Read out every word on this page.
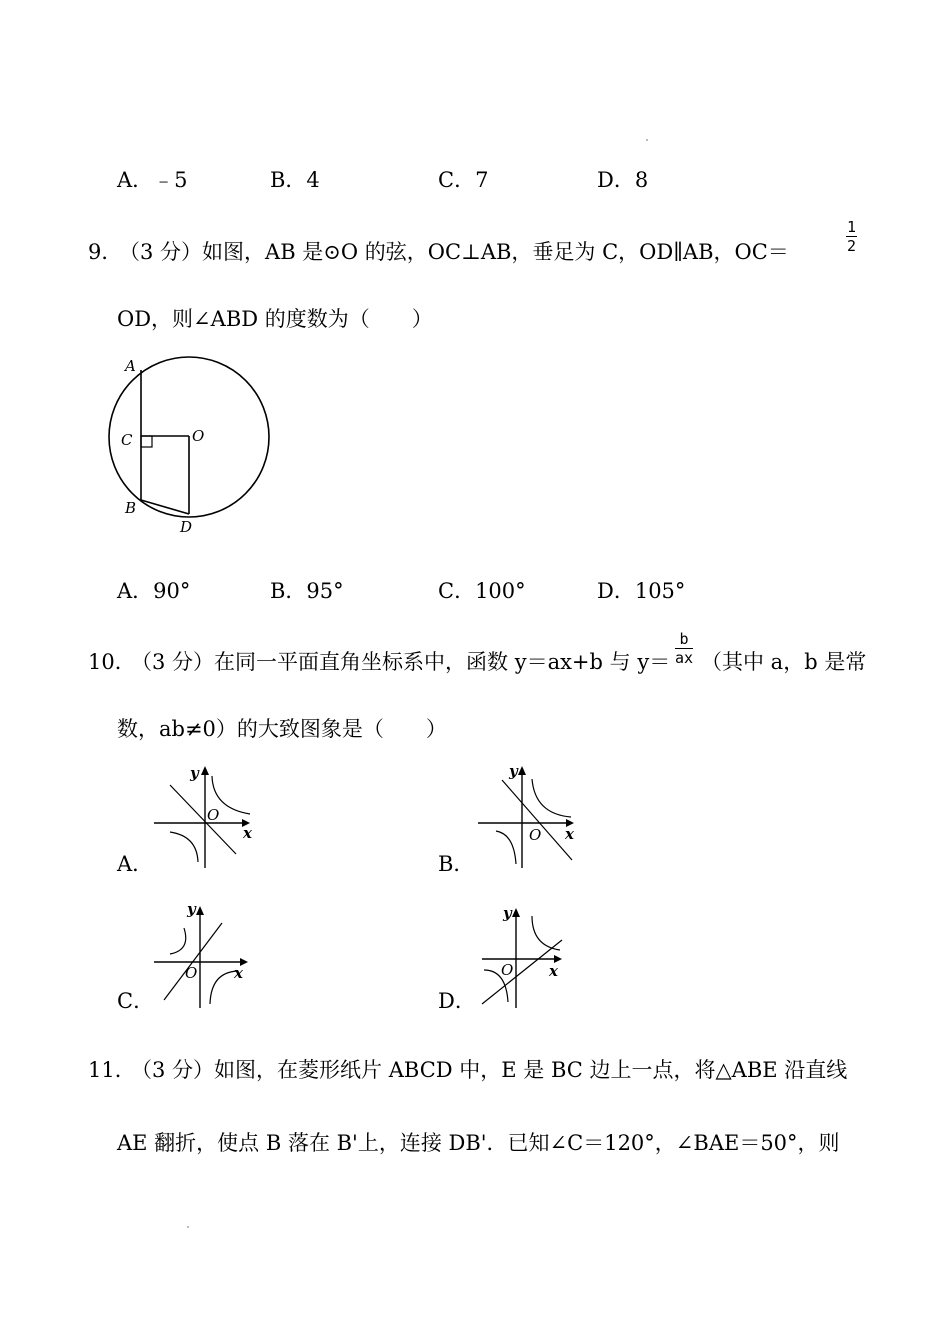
A．﹣5	B．4	C．7	D．8
9．
（3 分）如图，AB 是⊙O 的弦，OC⊥AB，垂足为 C，OD∥AB，OC＝	$\frac{1}{2}$
OD，则∠ABD 的度数为（　　）
A
C	O
B
D
A．90°	B．95°	C．100°	D．105°
10．
（3 分）在同一平面直角坐标系中，函数 y＝ax+b 与 $y= \frac{b}{ax}$ （其中 a，b 是常
数，ab≠0）的大致图象是（　　）
A．
y
x
O
B．
y
x
O
C．
y
x
O
D．
y
x
O
11．
（3 分）如图，在菱形纸片 ABCD 中，E 是 BC 边上一点，将△ABE 沿直线
AE 翻折，使点 B 落在 B'上，连接 DB'．已知∠C＝120°，∠BAE＝50°，则
